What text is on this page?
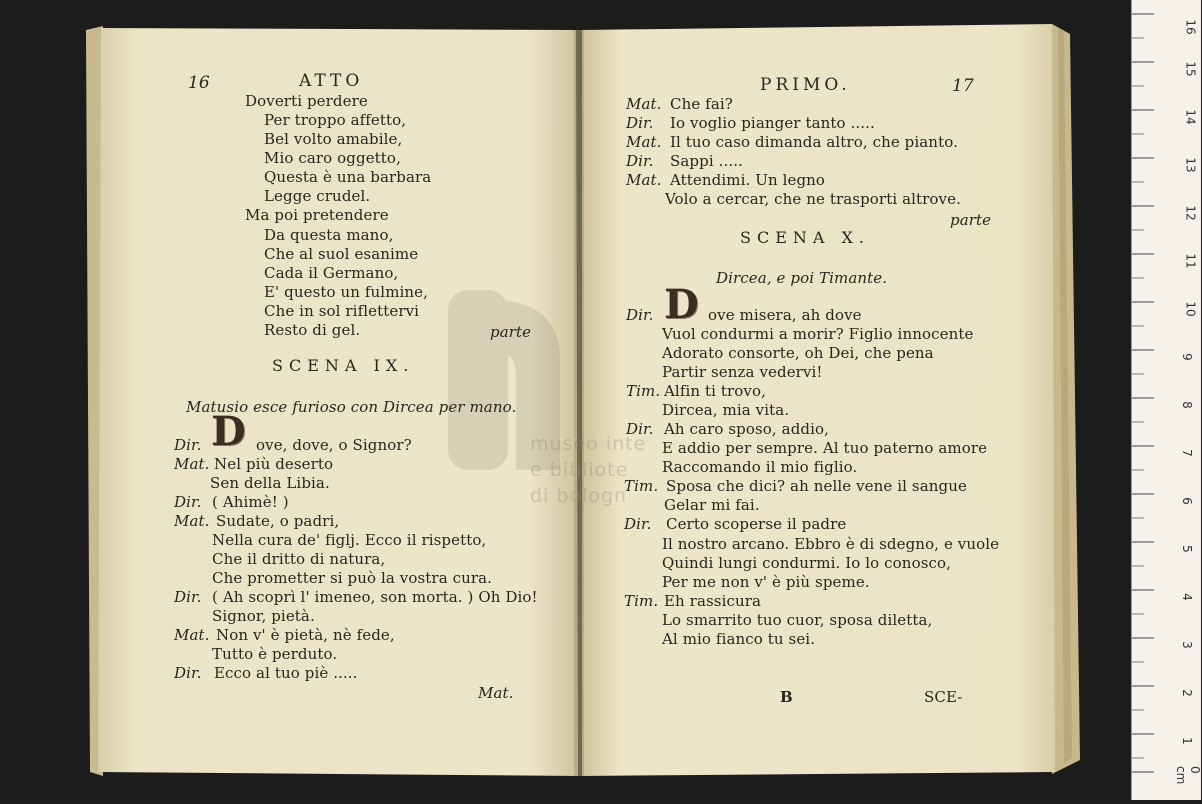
0 cm
1
2
3
4
5
6
7
8
9
10
11
12
13
14
15
16
museo inte
e bibliote
di bologn
16	ATTO
Doverti perdere
Per troppo affetto,
Bel volto amabile,
Mio caro oggetto,
Questa è una barbara
Legge crudel.
Ma poi pretendere
Da questa mano,
Che al suol esanime
Cada il Germano,
E' questo un fulmine,
Che in sol riflettervi
Resto di gel.	parte
SCENA IX.
Matusio esce furioso con Dircea per mano.
D
Dir.	ove, dove, o Signor?
Mat. Nel più deserto
Sen della Libia.
Dir. ( Ahimè! )
Mat. Sudate, o padri,
Nella cura de' figlj. Ecco il rispetto,
Che il dritto di natura,
Che prometter si può la vostra cura.
Dir. ( Ah scoprì l' imeneo, son morta. ) Oh Dio!
Signor, pietà.
Mat. Non v' è pietà, nè fede,
Tutto è perduto.
Dir. Ecco al tuo piè .....
Mat.
PRIMO.	17
Mat. Che fai?
Dir. Io voglio pianger tanto .....
Mat. Il tuo caso dimanda altro, che pianto.
Dir. Sappi .....
Mat. Attendimi. Un legno
Volo a cercar, che ne trasporti altrove.
parte
SCENA X.
Dircea, e poi Timante.
D
Dir.	ove misera, ah dove
Vuol condurmi a morir? Figlio innocente
Adorato consorte, oh Dei, che pena
Partir senza vedervi!
Tim. Alfin ti trovo,
Dircea, mia vita.
Dir. Ah caro sposo, addio,
E addio per sempre. Al tuo paterno amore
Raccomando il mio figlio.
Tim. Sposa che dici? ah nelle vene il sangue
Gelar mi fai.
Dir. Certo scoperse il padre
Il nostro arcano. Ebbro è di sdegno, e vuole
Quindi lungi condurmi. Io lo conosco,
Per me non v' è più speme.
Tim. Eh rassicura
Lo smarrito tuo cuor, sposa diletta,
Al mio fianco tu sei.
B	SCE-
